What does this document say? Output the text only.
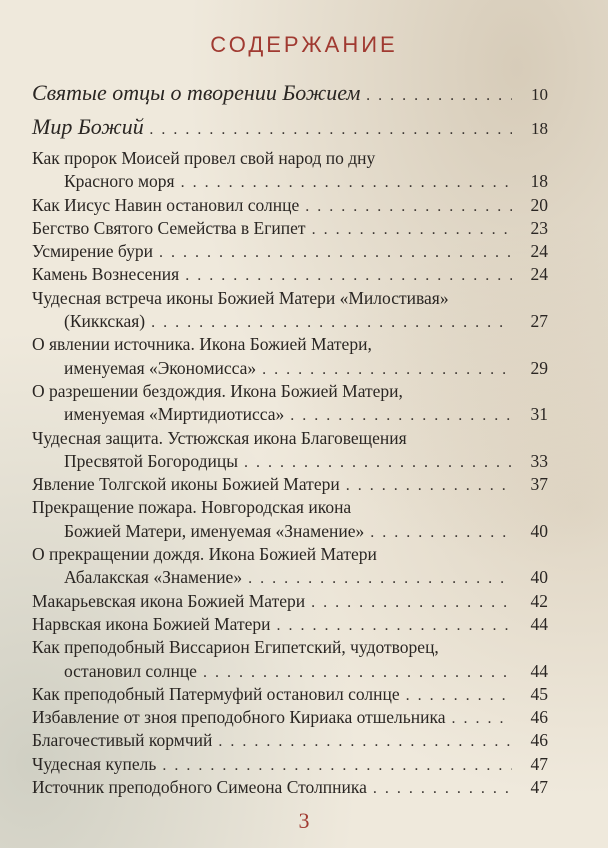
СОДЕРЖАНИЕ
Святые отцы о творении Божием . . .	10
Мир Божий . . .	18
Как пророк Моисей провел свой народ по дну
Красного моря . . .	18
Как Иисус Навин остановил солнце . . .	20
Бегство Святого Семейства в Египет . . .	23
Усмирение бури . . .	24
Камень Вознесения . . .	24
Чудесная встреча иконы Божией Матери «Милостивая»
(Киккская) . . .	27
О явлении источника. Икона Божией Матери,
именуемая «Экономисса» . . .	29
О разрешении бездождия. Икона Божией Матери,
именуемая «Миртидиотисса» . . .	31
Чудесная защита. Устюжская икона Благовещения
Пресвятой Богородицы . . .	33
Явление Толгской иконы Божией Матери . . .	37
Прекращение пожара. Новгородская икона
Божией Матери, именуемая «Знамение» . . .	40
О прекращении дождя. Икона Божией Матери
Абалакская «Знамение» . . .	40
Макарьевская икона Божией Матери . . .	42
Нарвская икона Божией Матери . . .	44
Как преподобный Виссарион Египетский, чудотворец,
остановил солнце . . .	44
Как преподобный Патермуфий остановил солнце . . .	45
Избавление от зноя преподобного Кириака отшельника . . .	46
Благочестивый кормчий . . .	46
Чудесная купель . . .	47
Источник преподобного Симеона Столпника . . .	47
3
